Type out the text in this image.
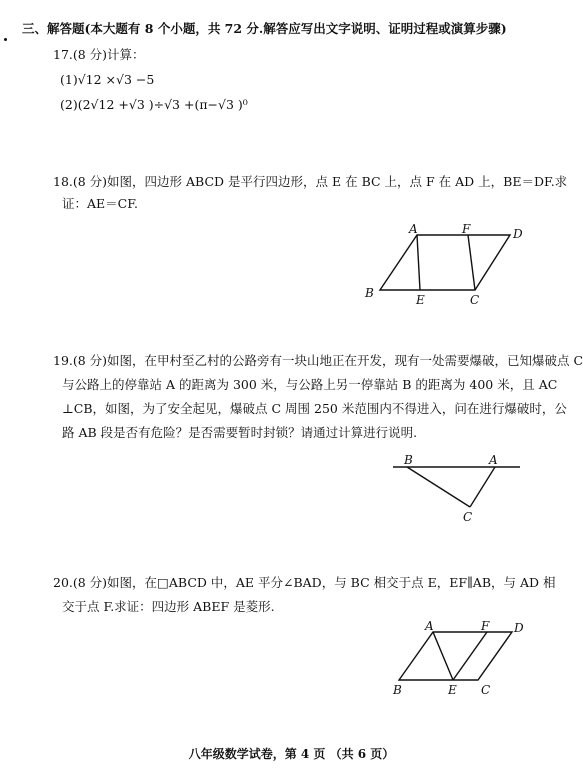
三、解答题(本大题有 8 个小题，共 72 分.解答应写出文字说明、证明过程或演算步骤)
17.(8 分)计算：
(1)√12 ×√3 −5
(2)(2√12 +√3 )÷√3 +(π−√3 )⁰
18.(8 分)如图，四边形 ABCD 是平行四边形，点 E 在 BC 上，点 F 在 AD 上，BE＝DF.求
证：AE＝CF.
19.(8 分)如图，在甲村至乙村的公路旁有一块山地正在开发，现有一处需要爆破，已知爆破点 C
与公路上的停靠站 A 的距离为 300 米，与公路上另一停靠站 B 的距离为 400 米，且 AC
⊥CB，如图，为了安全起见，爆破点 C 周围 250 米范围内不得进入，问在进行爆破时，公
路 AB 段是否有危险？是否需要暂时封锁？请通过计算进行说明.
20.(8 分)如图，在□ABCD 中，AE 平分∠BAD，与 BC 相交于点 E，EF∥AB，与 AD 相
交于点 F.求证：四边形 ABEF 是菱形.
A	F	D
B	E	C
B	A
C
A	F D
B	E C
八年级数学试卷，第 4 页 （共 6 页）
